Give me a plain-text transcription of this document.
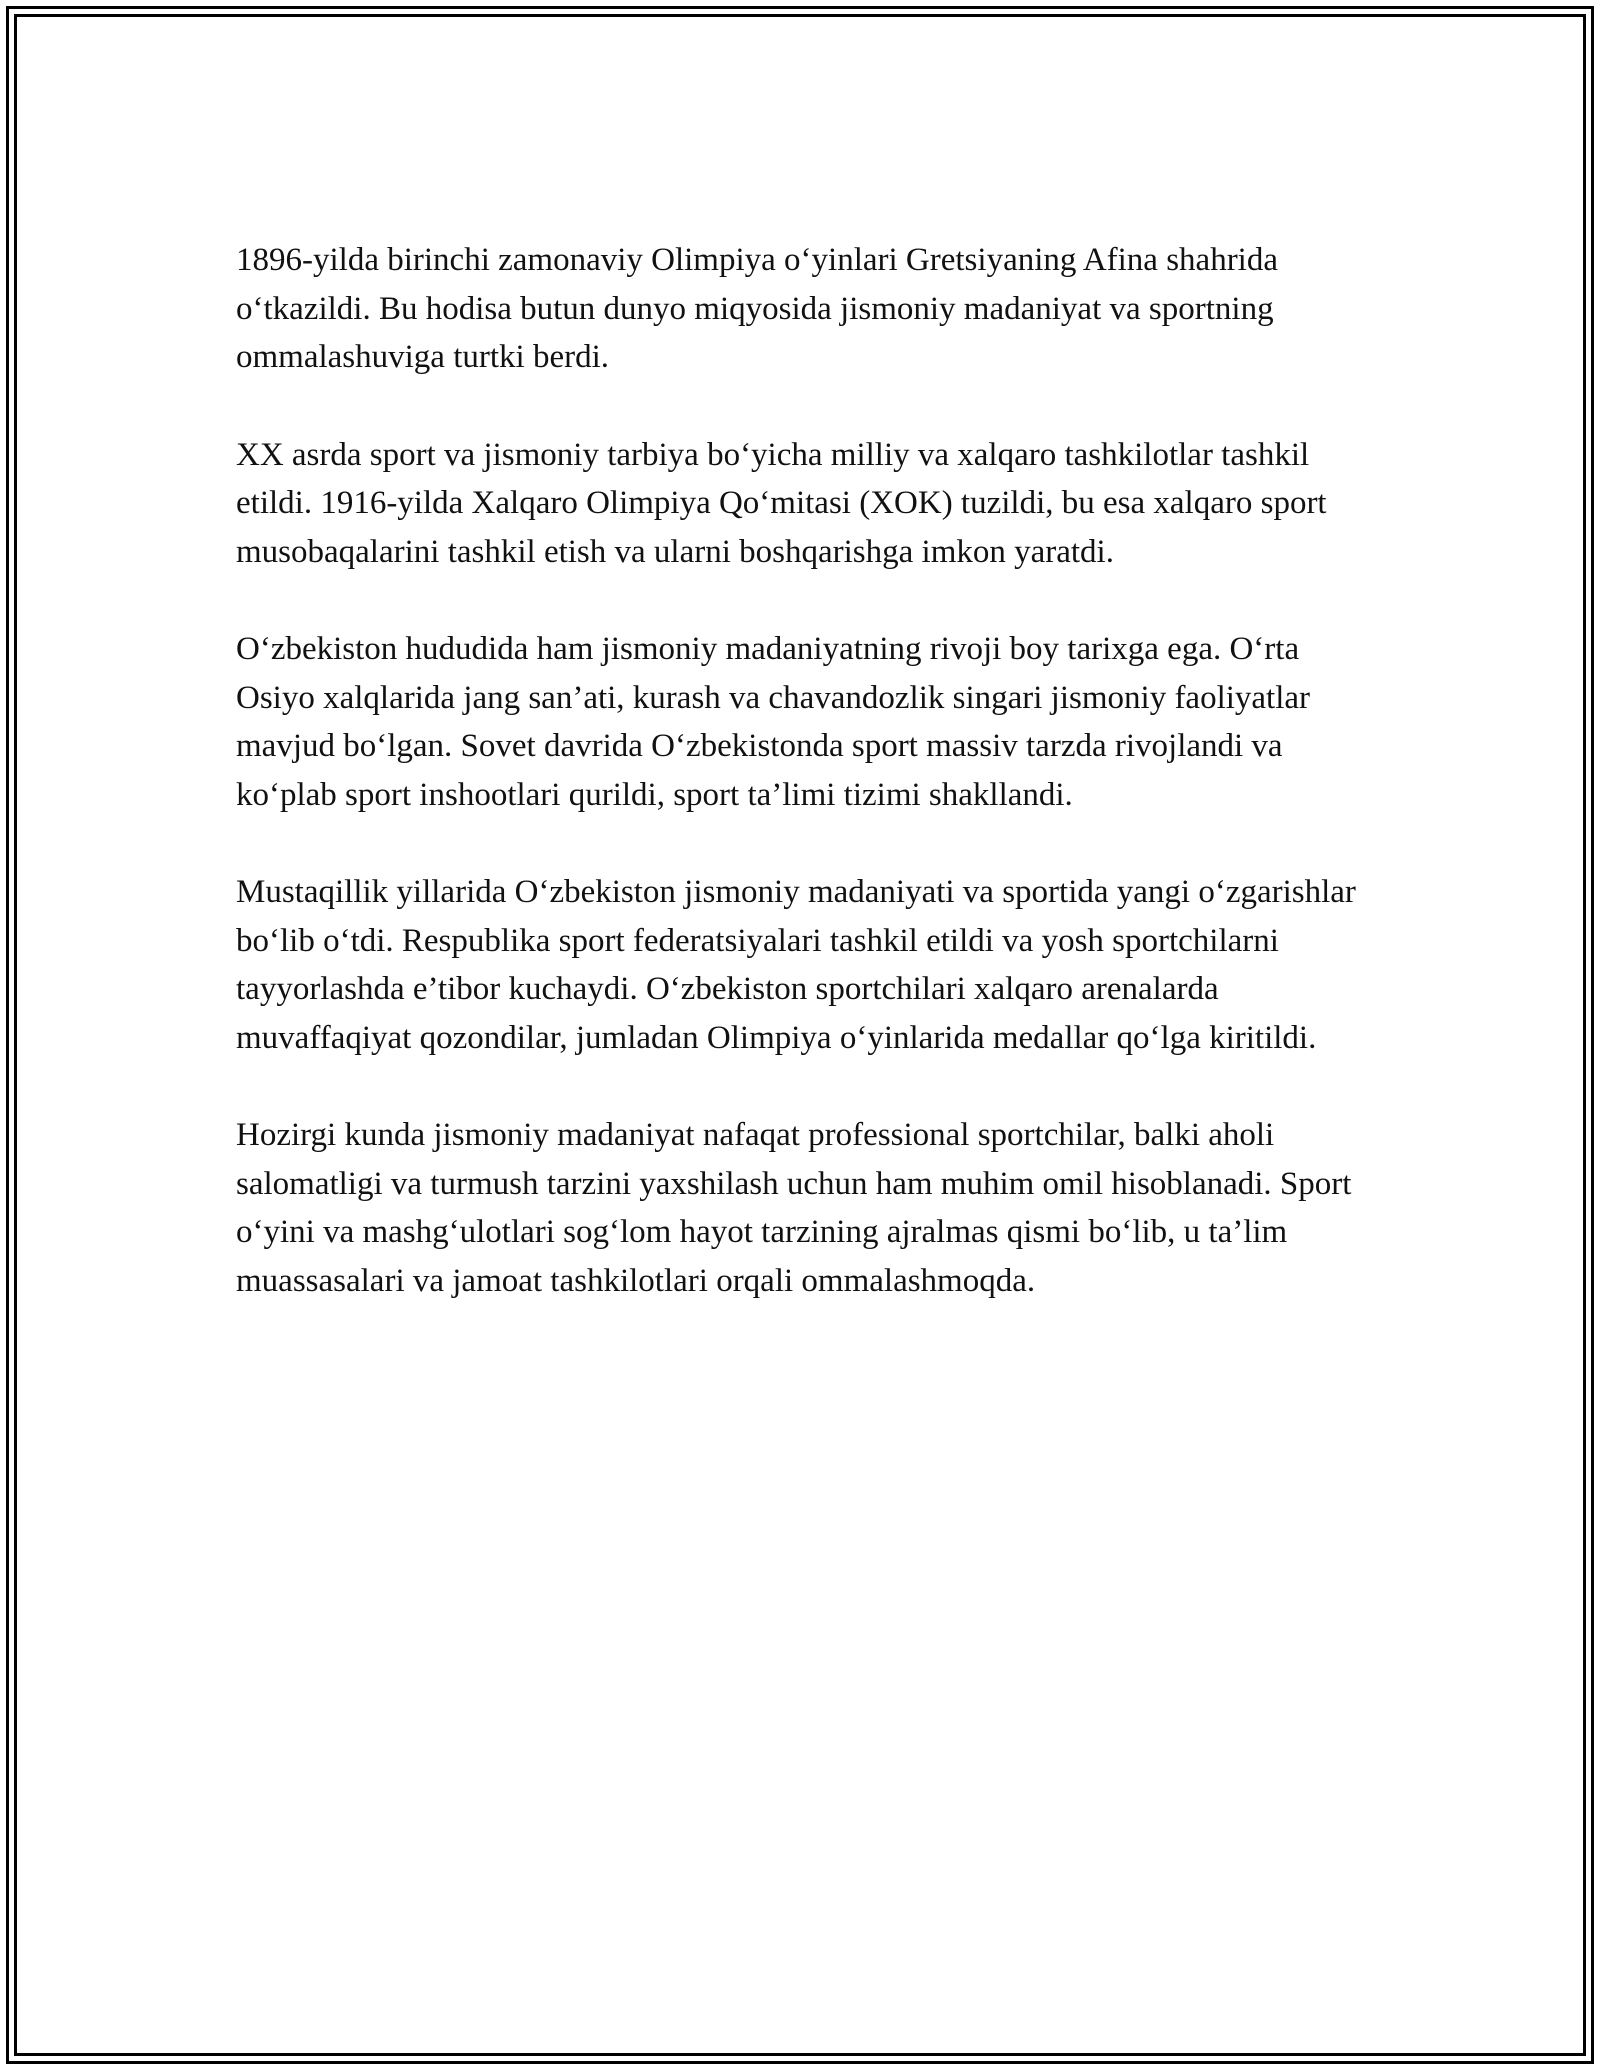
1896-yilda birinchi zamonaviy Olimpiya o‘yinlari Gretsiyaning Afina shahrida o‘tkazildi. Bu hodisa butun dunyo miqyosida jismoniy madaniyat va sportning ommalashuviga turtki berdi.

XX asrda sport va jismoniy tarbiya bo‘yicha milliy va xalqaro tashkilotlar tashkil etildi. 1916-yilda Xalqaro Olimpiya Qo‘mitasi (XOK) tuzildi, bu esa xalqaro sport musobaqalarini tashkil etish va ularni boshqarishga imkon yaratdi.

O‘zbekiston hududida ham jismoniy madaniyatning rivoji boy tarixga ega. O‘rta Osiyo xalqlarida jang san’ati, kurash va chavandozlik singari jismoniy faoliyatlar mavjud bo‘lgan. Sovet davrida O‘zbekistonda sport massiv tarzda rivojlandi va ko‘plab sport inshootlari qurildi, sport ta’limi tizimi shakllandi.

Mustaqillik yillarida O‘zbekiston jismoniy madaniyati va sportida yangi o‘zgarishlar bo‘lib o‘tdi. Respublika sport federatsiyalari tashkil etildi va yosh sportchilarni tayyorlashda e’tibor kuchaydi. O‘zbekiston sportchilari xalqaro arenalarda muvaffaqiyat qozondilar, jumladan Olimpiya o‘yinlarida medallar qo‘lga kiritildi.

Hozirgi kunda jismoniy madaniyat nafaqat professional sportchilar, balki aholi salomatligi va turmush tarzini yaxshilash uchun ham muhim omil hisoblanadi. Sport o‘yini va mashg‘ulotlari sog‘lom hayot tarzining ajralmas qismi bo‘lib, u ta’lim muassasalari va jamoat tashkilotlari orqali ommalashmoqda.
